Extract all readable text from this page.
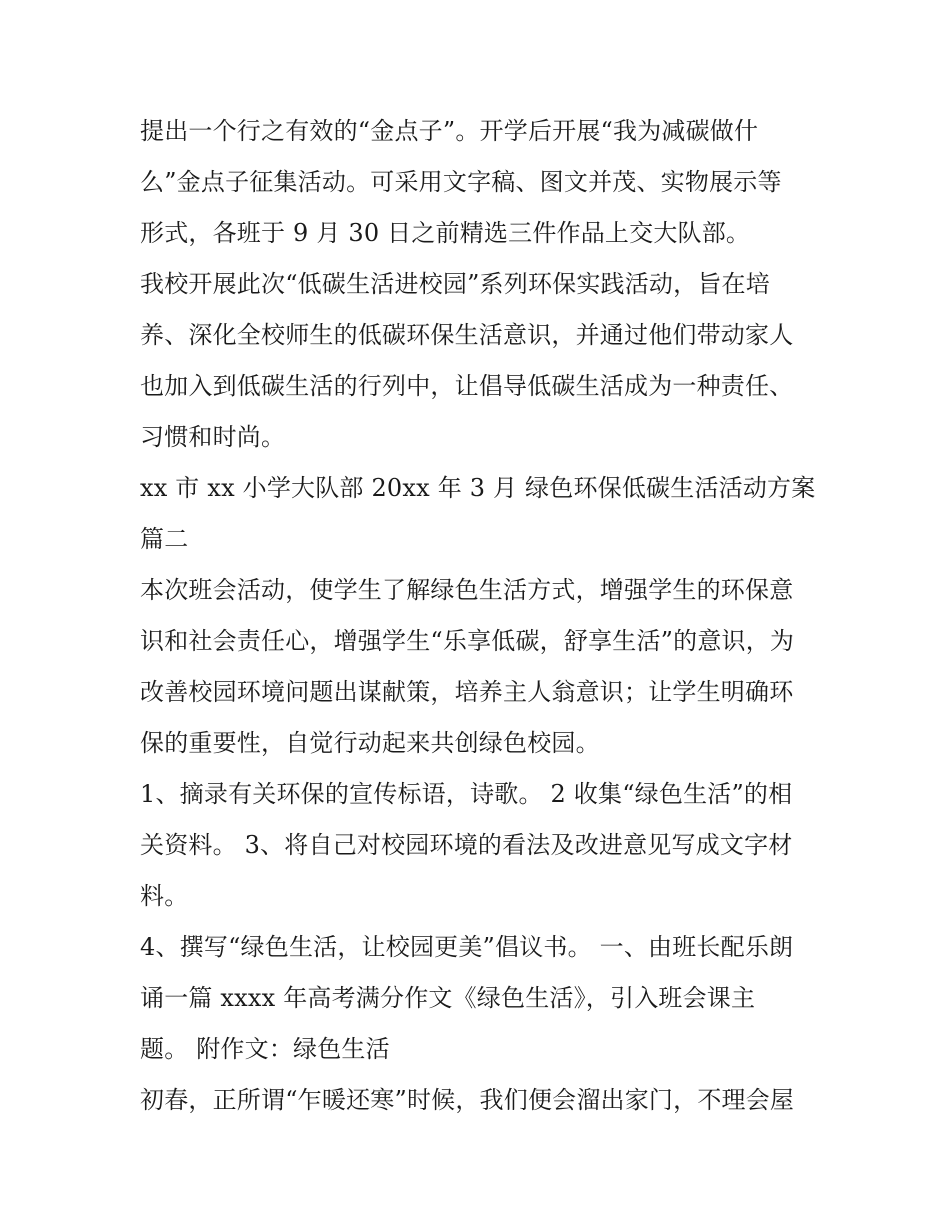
提出一个行之有效的“金点子”。开学后开展“我为减碳做什
么”金点子征集活动。可采用文字稿、图文并茂、实物展示等
形式，各班于 9 月 30 日之前精选三件作品上交大队部。
我校开展此次“低碳生活进校园”系列环保实践活动，旨在培
养、深化全校师生的低碳环保生活意识，并通过他们带动家人
也加入到低碳生活的行列中，让倡导低碳生活成为一种责任、
习惯和时尚。
xx 市 xx 小学大队部 20xx 年 3 月 绿色环保低碳生活活动方案
篇二
本次班会活动，使学生了解绿色生活方式，增强学生的环保意
识和社会责任心，增强学生“乐享低碳，舒享生活”的意识，为
改善校园环境问题出谋献策，培养主人翁意识；让学生明确环
保的重要性，自觉行动起来共创绿色校园。
1、摘录有关环保的宣传标语，诗歌。 2 收集“绿色生活”的相
关资料。 3、将自己对校园环境的看法及改进意见写成文字材
料。
4、撰写“绿色生活，让校园更美”倡议书。 一、由班长配乐朗
诵一篇 xxxx 年高考满分作文《绿色生活》，引入班会课主
题。 附作文：绿色生活
初春，正所谓“乍暖还寒”时候，我们便会溜出家门，不理会屋
